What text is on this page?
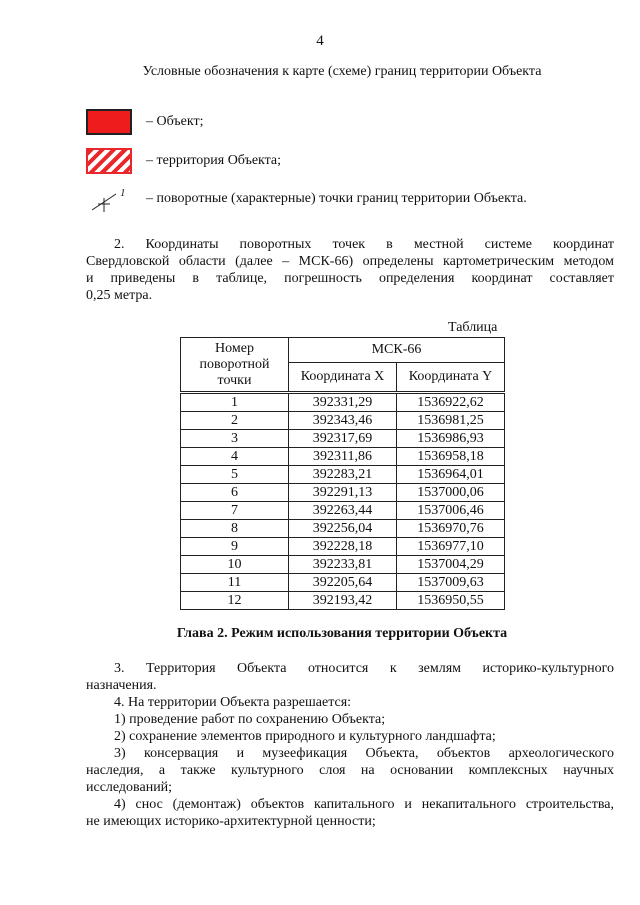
4
Условные обозначения к карте (схеме) границ территории Объекта
– Объект;
– территория Объекта;
1 – поворотные (характерные) точки границ территории Объекта.

2. Координаты поворотных точек в местной системе координат

Свердловской области (далее – МСК-66) определены картометрическим методом

и приведены в таблице, погрешность определения координат составляет

0,25 метра.

Таблица
Номер поворотной точки	МСК-66	
	Координата X	Координата Y
1	392331,29	1536922,62
2	392343,46	1536981,25
3	392317,69	1536986,93
4	392311,86	1536958,18
5	392283,21	1536964,01
6	392291,13	1537000,06
7	392263,44	1537006,46
8	392256,04	1536970,76
9	392228,18	1536977,10
10	392233,81	1537004,29
11	392205,64	1537009,63
12	392193,42	1536950,55
Глава 2. Режим использования территории Объекта

3. Территория Объекта относится к землям историко-культурного

назначения.

4. На территории Объекта разрешается:

1) проведение работ по сохранению Объекта;

2) сохранение элементов природного и культурного ландшафта;

3) консервация и музеефикация Объекта, объектов археологического

наследия, а также культурного слоя на основании комплексных научных

исследований;

4) снос (демонтаж) объектов капитального и некапитального строительства,

не имеющих историко-архитектурной ценности;
